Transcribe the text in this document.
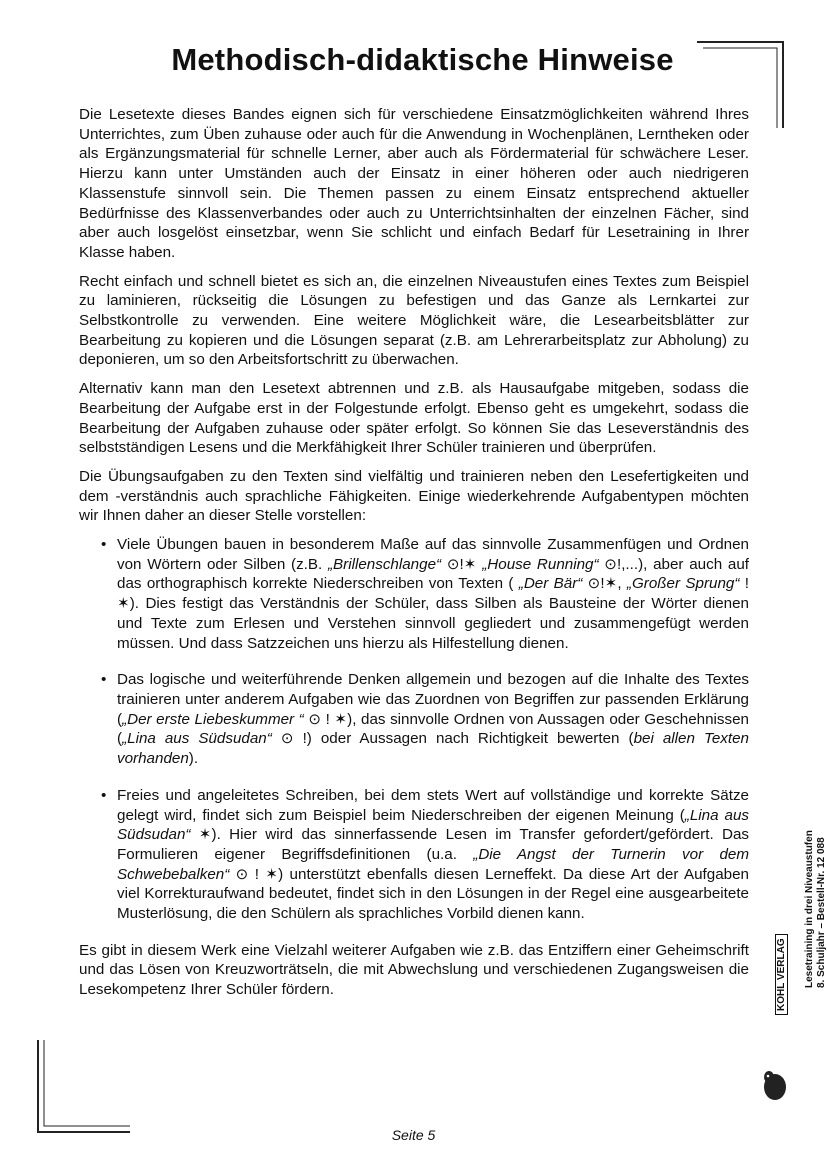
Methodisch-didaktische Hinweise

Die Lesetexte dieses Bandes eignen sich für verschiedene Einsatzmöglichkeiten während Ihres Unterrichtes, zum Üben zuhause oder auch für die Anwendung in Wochenplänen, Lerntheken oder als Ergänzungsmaterial für schnelle Lerner, aber auch als Fördermaterial für schwächere Leser. Hierzu kann unter Umständen auch der Einsatz in einer höheren oder auch niedrigeren Klassenstufe sinnvoll sein. Die Themen passen zu einem Einsatz entsprechend aktueller Bedürfnisse des Klassenverbandes oder auch zu Unterrichtsinhalten der einzelnen Fächer, sind aber auch losgelöst einsetzbar, wenn Sie schlicht und einfach Bedarf für Lesetraining in Ihrer Klasse haben.

Recht einfach und schnell bietet es sich an, die einzelnen Niveaustufen eines Textes zum Beispiel zu laminieren, rückseitig die Lösungen zu befestigen und das Ganze als Lernkartei zur Selbstkontrolle zu verwenden. Eine weitere Möglichkeit wäre, die Lesearbeitsblätter zur Bearbeitung zu kopieren und die Lösungen separat (z.B. am Lehrerarbeitsplatz zur Abholung) zu deponieren, um so den Arbeitsfortschritt zu überwachen.

Alternativ kann man den Lesetext abtrennen und z.B. als Hausaufgabe mitgeben, sodass die Bearbeitung der Aufgabe erst in der Folgestunde erfolgt. Ebenso geht es umgekehrt, sodass die Bearbeitung der Aufgaben zuhause oder später erfolgt. So können Sie das Leseverständnis des selbstständigen Lesens und die Merkfähigkeit Ihrer Schüler trainieren und überprüfen.

Die Übungsaufgaben zu den Texten sind vielfältig und trainieren neben den Lesefertigkeiten und dem -verständnis auch sprachliche Fähigkeiten. Einige wiederkehrende Aufgabentypen möchten wir Ihnen daher an dieser Stelle vorstellen:

• Viele Übungen bauen in besonderem Maße auf das sinnvolle Zusammenfügen und Ordnen von Wörtern oder Silben (z.B. „Brillenschlange“ ⊙!✶ „House Running“ ⊙!,...), aber auch auf das orthographisch korrekte Niederschreiben von Texten ( „Der Bär“ ⊙!✶, „Großer Sprung“ ! ✶). Dies festigt das Verständnis der Schüler, dass Silben als Bausteine der Wörter dienen und Texte zum Erlesen und Verstehen sinnvoll gegliedert und zusammengefügt werden müssen. Und dass Satzzeichen uns hierzu als Hilfestellung dienen.
• Das logische und weiterführende Denken allgemein und bezogen auf die Inhalte des Textes trainieren unter anderem Aufgaben wie das Zuordnen von Begriffen zur passenden Erklärung („Der erste Liebeskummer “ ⊙ ! ✶), das sinnvolle Ordnen von Aussagen oder Geschehnissen („Lina aus Südsudan“ ⊙ !) oder Aussagen nach Richtigkeit bewerten (bei allen Texten vorhanden).
• Freies und angeleitetes Schreiben, bei dem stets Wert auf vollständige und korrekte Sätze gelegt wird, findet sich zum Beispiel beim Niederschreiben der eigenen Meinung („Lina aus Südsudan“ ✶). Hier wird das sinnerfassende Lesen im Transfer gefordert/gefördert. Das Formulieren eigener Begriffsdefinitionen (u.a. „Die Angst der Turnerin vor dem Schwebebalken“ ⊙ ! ✶) unterstützt ebenfalls diesen Lerneffekt. Da diese Art der Aufgaben viel Korrekturaufwand bedeutet, findet sich in den Lösungen in der Regel eine ausgearbeitete Musterlösung, die den Schülern als sprachliches Vorbild dienen kann.

Es gibt in diesem Werk eine Vielzahl weiterer Aufgaben wie z.B. das Entziffern einer Geheimschrift und das Lösen von Kreuzworträtseln, die mit Abwechslung und verschiedenen Zugangsweisen die Lesekompetenz Ihrer Schüler fördern.

Lesetraining in drei Niveaustufen 8. Schuljahr – Bestell-Nr. 12 088
KOHL VERLAG
Seite 5
